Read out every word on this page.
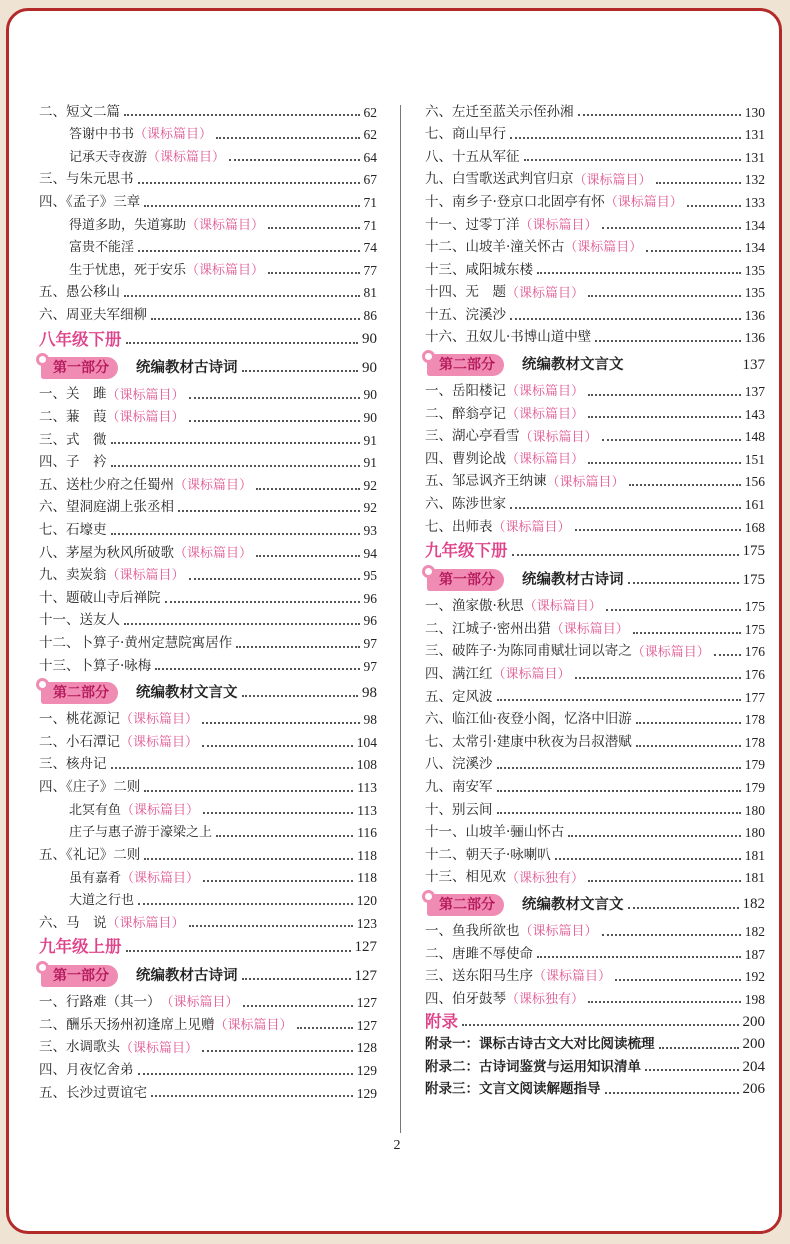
二、短文二篇	62
答谢中书书 （课标篇目）	62
记承天寺夜游 （课标篇目）	64
三、与朱元思书	67
四、《孟子》三章	71
得道多助，失道寡助 （课标篇目）	71
富贵不能淫	74
生于忧患，死于安乐 （课标篇目）	77
五、愚公移山	81
六、周亚夫军细柳	86
八年级下册	90
第一部分	统编教材古诗词	90
一、关　雎 （课标篇目）	90
二、蒹　葭 （课标篇目）	90
三、式　微	91
四、子　衿	91
五、送杜少府之任蜀州 （课标篇目）	92
六、望洞庭湖上张丞相	92
七、石壕吏	93
八、茅屋为秋风所破歌 （课标篇目）	94
九、卖炭翁 （课标篇目）	95
十、题破山寺后禅院	96
十一、送友人	96
十二、卜算子·黄州定慧院寓居作	97
十三、卜算子·咏梅	97
第二部分	统编教材文言文	98
一、桃花源记 （课标篇目）	98
二、小石潭记 （课标篇目）	104
三、核舟记	108
四、《庄子》二则	113
北冥有鱼 （课标篇目）	113
庄子与惠子游于濠梁之上	116
五、《礼记》二则	118
虽有嘉肴 （课标篇目）	118
大道之行也	120
六、马　说 （课标篇目）	123
九年级上册	127
第一部分	统编教材古诗词	127
一、行路难（其一） （课标篇目）	127
二、酬乐天扬州初逢席上见赠 （课标篇目）	127
三、水调歌头 （课标篇目）	128
四、月夜忆舍弟	129
五、长沙过贾谊宅	129
六、左迁至蓝关示侄孙湘	130
七、商山早行	131
八、十五从军征	131
九、白雪歌送武判官归京 （课标篇目）	132
十、南乡子·登京口北固亭有怀 （课标篇目）	133
十一、过零丁洋 （课标篇目）	134
十二、山坡羊·潼关怀古 （课标篇目）	134
十三、咸阳城东楼	135
十四、无　题 （课标篇目）	135
十五、浣溪沙	136
十六、丑奴儿·书博山道中壁	136
第二部分	统编教材文言文	137
一、岳阳楼记 （课标篇目）	137
二、醉翁亭记 （课标篇目）	143
三、湖心亭看雪 （课标篇目）	148
四、曹刿论战 （课标篇目）	151
五、邹忌讽齐王纳谏 （课标篇目）	156
六、陈涉世家	161
七、出师表 （课标篇目）	168
九年级下册	175
第一部分	统编教材古诗词	175
一、渔家傲·秋思 （课标篇目）	175
二、江城子·密州出猎 （课标篇目）	175
三、破阵子·为陈同甫赋壮词以寄之 （课标篇目）	176
四、满江红 （课标篇目）	176
五、定风波	177
六、临江仙·夜登小阁，忆洛中旧游	178
七、太常引·建康中秋夜为吕叔潜赋	178
八、浣溪沙	179
九、南安军	179
十、别云间	180
十一、山坡羊·骊山怀古	180
十二、朝天子·咏喇叭	181
十三、相见欢 （课标独有）	181
第二部分	统编教材文言文	182
一、鱼我所欲也 （课标篇目）	182
二、唐雎不辱使命	187
三、送东阳马生序 （课标篇目）	192
四、伯牙鼓琴 （课标独有）	198
附录	200
附录一：课标古诗古文大对比阅读梳理	200
附录二：古诗词鉴赏与运用知识清单	204
附录三：文言文阅读解题指导	206
2
